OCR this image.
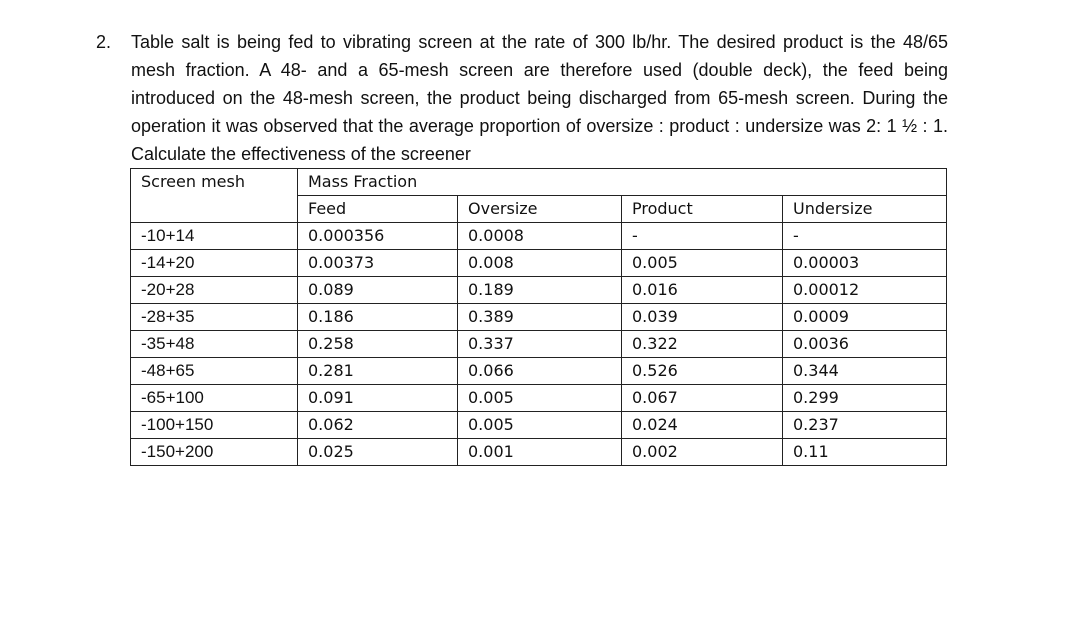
2.	Table salt is being fed to vibrating screen at the rate of 300 lb/hr. The desired product is the 48/65 mesh fraction. A 48- and a 65-mesh screen are therefore used (double deck), the feed being introduced on the 48-mesh screen, the product being discharged from 65-mesh screen. During the operation it was observed that the average proportion of oversize : product : undersize was 2: 1 ½ : 1. Calculate the effectiveness of the screener
Screen mesh	Mass Fraction			
	Feed	Oversize	Product	Undersize
-10+14	0.000356	0.0008	-	-
-14+20	0.00373	0.008	0.005	0.00003
-20+28	0.089	0.189	0.016	0.00012
-28+35	0.186	0.389	0.039	0.0009
-35+48	0.258	0.337	0.322	0.0036
-48+65	0.281	0.066	0.526	0.344
-65+100	0.091	0.005	0.067	0.299
-100+150	0.062	0.005	0.024	0.237
-150+200	0.025	0.001	0.002	0.11
